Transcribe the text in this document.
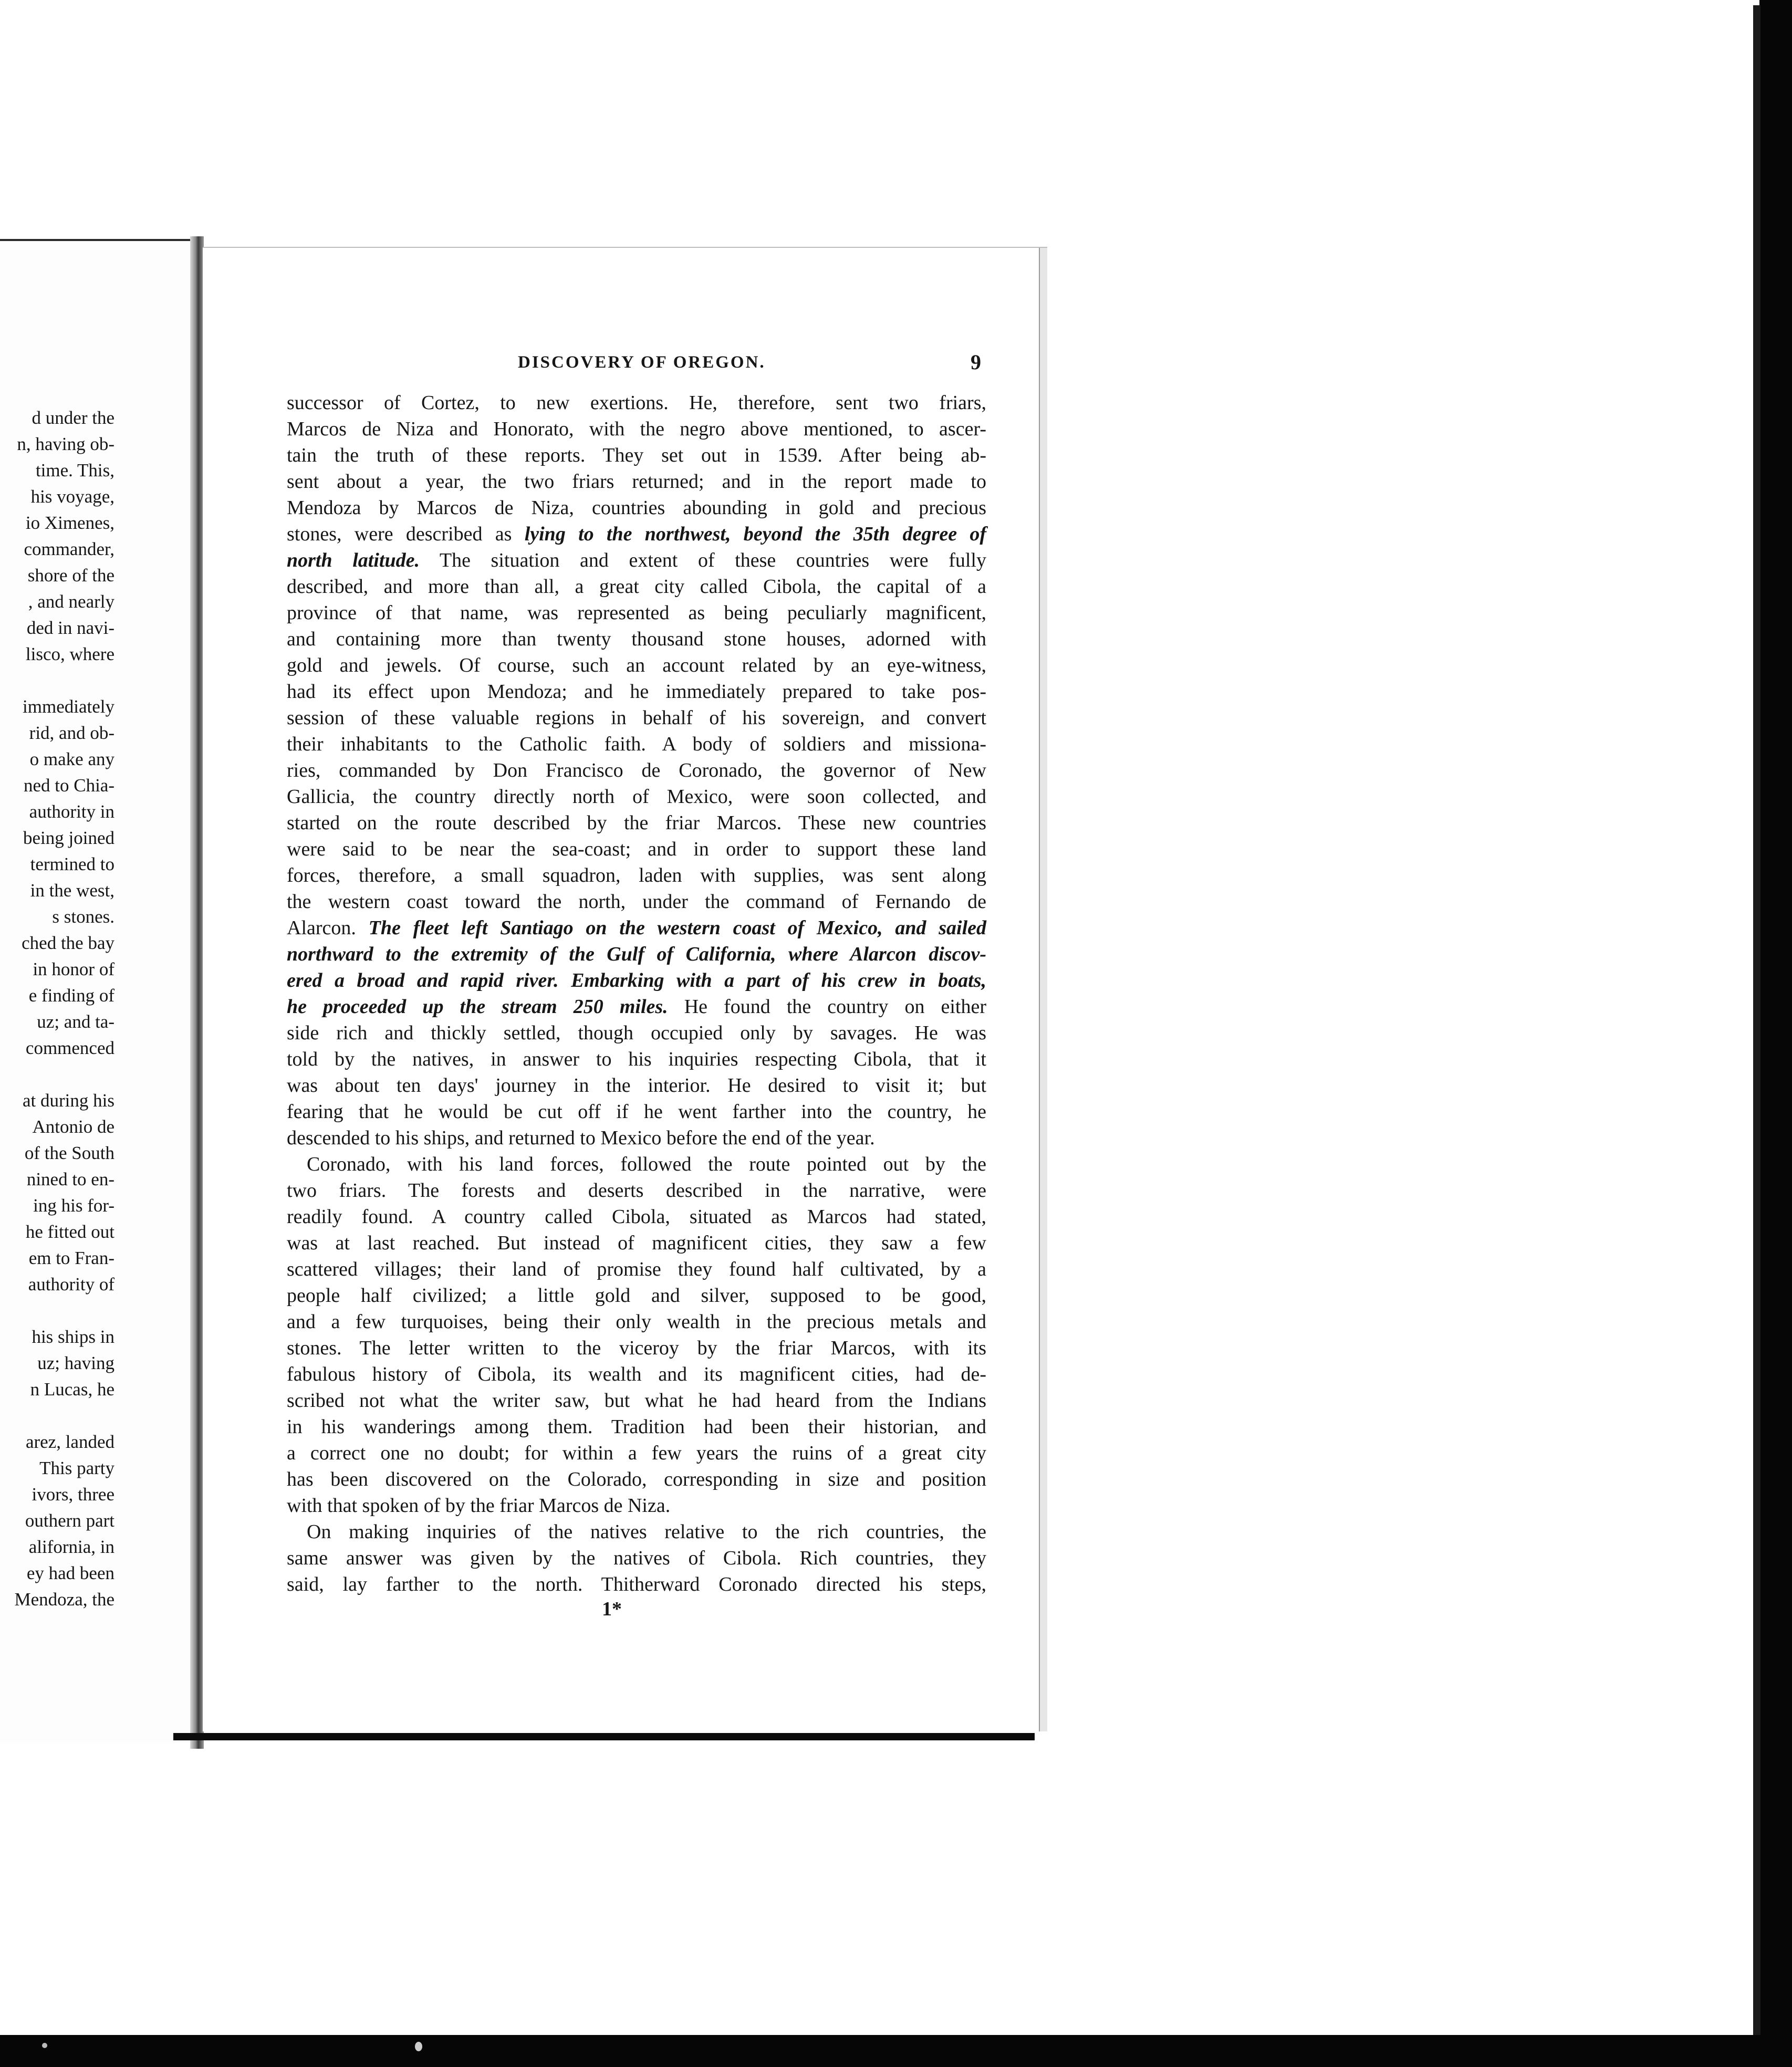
d under the
n, having ob-
time. This,
his voyage,
io Ximenes,
commander,
shore of the
, and nearly
ded in navi-
lisco, where
immediately
rid, and ob-
o make any
ned to Chia-
authority in
being joined
termined to
in the west,
s stones.
ched the bay
in honor of
e finding of
uz; and ta-
commenced
at during his
Antonio de
of the South
nined to en-
ing his for-
he fitted out
em to Fran-
authority of
his ships in
uz; having
n Lucas, he
arez, landed
This party
ivors, three
outhern part
alifornia, in
ey had been
Mendoza, the
DISCOVERY OF OREGON.	9
successor of Cortez, to new exertions. He, therefore, sent two friars,
Marcos de Niza and Honorato, with the negro above mentioned, to ascer-
tain the truth of these reports. They set out in 1539. After being ab-
sent about a year, the two friars returned; and in the report made to
Mendoza by Marcos de Niza, countries abounding in gold and precious
stones, were described as lying to the northwest, beyond the 35th degree of
north latitude. The situation and extent of these countries were fully
described, and more than all, a great city called Cibola, the capital of a
province of that name, was represented as being peculiarly magnificent,
and containing more than twenty thousand stone houses, adorned with
gold and jewels. Of course, such an account related by an eye-witness,
had its effect upon Mendoza; and he immediately prepared to take pos-
session of these valuable regions in behalf of his sovereign, and convert
their inhabitants to the Catholic faith. A body of soldiers and missiona-
ries, commanded by Don Francisco de Coronado, the governor of New
Gallicia, the country directly north of Mexico, were soon collected, and
started on the route described by the friar Marcos. These new countries
were said to be near the sea-coast; and in order to support these land
forces, therefore, a small squadron, laden with supplies, was sent along
the western coast toward the north, under the command of Fernando de
Alarcon. The fleet left Santiago on the western coast of Mexico, and sailed
northward to the extremity of the Gulf of California, where Alarcon discov-
ered a broad and rapid river. Embarking with a part of his crew in boats,
he proceeded up the stream 250 miles. He found the country on either
side rich and thickly settled, though occupied only by savages. He was
told by the natives, in answer to his inquiries respecting Cibola, that it
was about ten days' journey in the interior. He desired to visit it; but
fearing that he would be cut off if he went farther into the country, he
descended to his ships, and returned to Mexico before the end of the year.
Coronado, with his land forces, followed the route pointed out by the
two friars. The forests and deserts described in the narrative, were
readily found. A country called Cibola, situated as Marcos had stated,
was at last reached. But instead of magnificent cities, they saw a few
scattered villages; their land of promise they found half cultivated, by a
people half civilized; a little gold and silver, supposed to be good,
and a few turquoises, being their only wealth in the precious metals and
stones. The letter written to the viceroy by the friar Marcos, with its
fabulous history of Cibola, its wealth and its magnificent cities, had de-
scribed not what the writer saw, but what he had heard from the Indians
in his wanderings among them. Tradition had been their historian, and
a correct one no doubt; for within a few years the ruins of a great city
has been discovered on the Colorado, corresponding in size and position
with that spoken of by the friar Marcos de Niza.
On making inquiries of the natives relative to the rich countries, the
same answer was given by the natives of Cibola. Rich countries, they
said, lay farther to the north. Thitherward Coronado directed his steps,
1*
